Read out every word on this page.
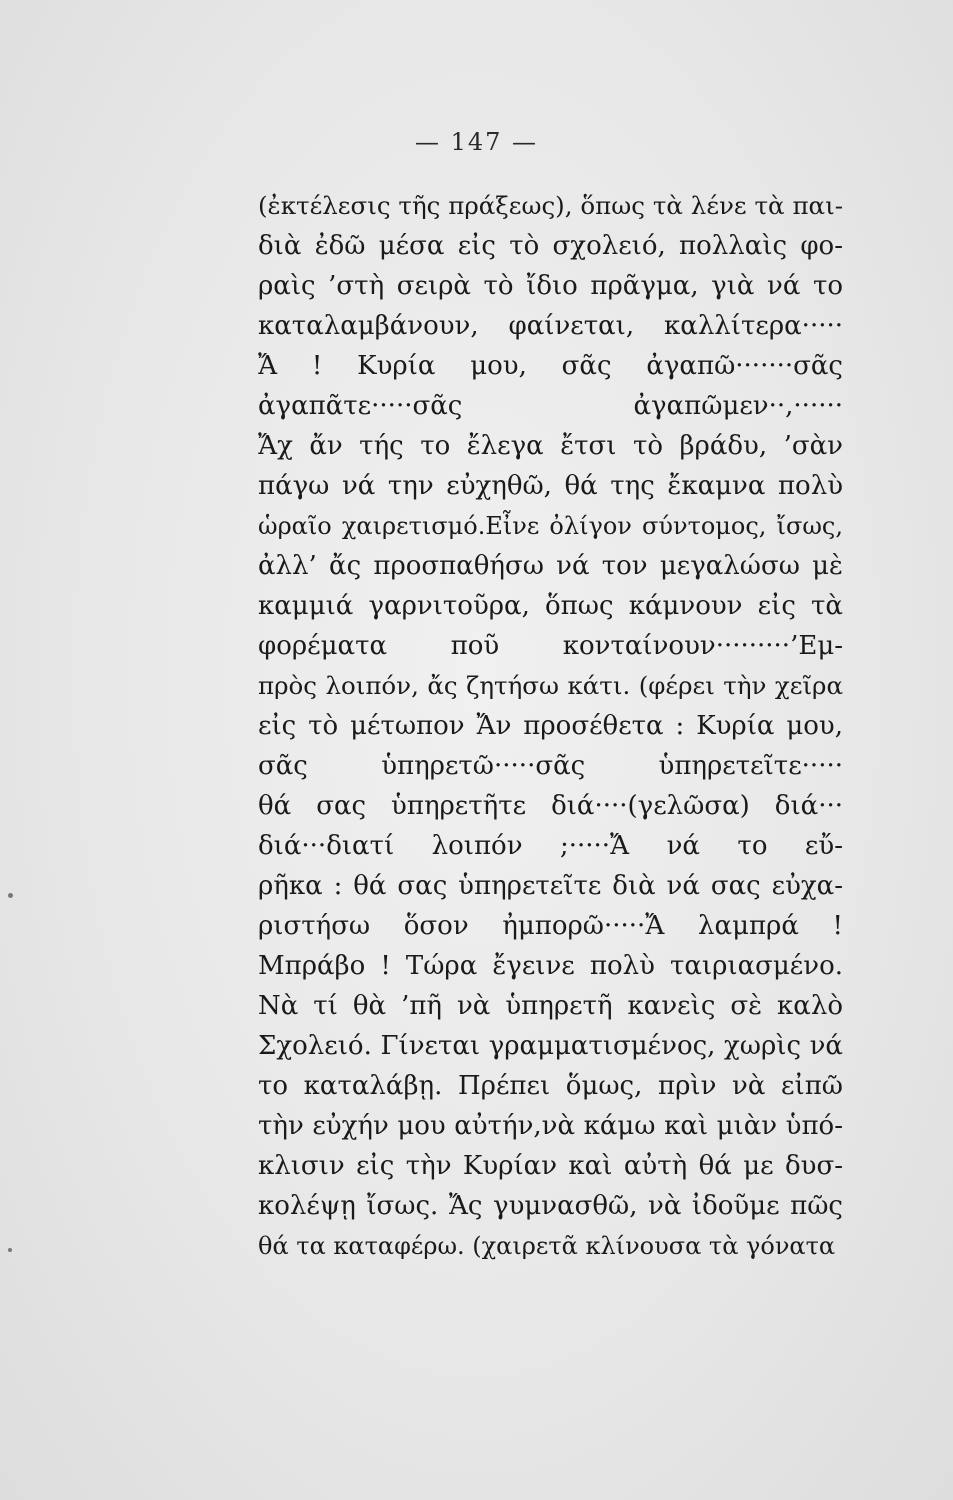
— 147 —
(ἐκτέλεσις τῆς πράξεως), ὅπως τὰ λένε τὰ παι-
διὰ ἐδῶ μέσα εἰς τὸ σχολειό, πολλαὶς φο-
ραὶς ’στὴ σειρὰ τὸ ἴδιο πρᾶγμα, γιὰ νά το
καταλαμβάνουν, φαίνεται, καλλίτερα·····
Ἄ ! Κυρία μου, σᾶς ἀγαπῶ·······σᾶς
ἀγαπᾶτε·····σᾶς ἀγαπῶμεν··,······
Ἄχ ἄν τής το ἔλεγα ἔτσι τὸ βράδυ, ’σὰν
πάγω νά την εὐχηθῶ, θά της ἔκαμνα πολὺ
ὡραῖο χαιρετισμό.Εἶνε ὀλίγον σύντομος, ἴσως,
ἀλλ’ ἄς προσπαθήσω νά τον μεγαλώσω μὲ
καμμιά γαρνιτοῦρα, ὅπως κάμνουν εἰς τὰ
φορέματα ποῦ κονταίνουν·········’Εμ-
πρὸς λοιπόν, ἄς ζητήσω κάτι. (φέρει τὴν χεῖρα
εἰς τὸ μέτωπον Ἄν προσέθετα : Κυρία μου,
σᾶς ὑπηρετῶ·····σᾶς ὑπηρετεῖτε·····
θά σας ὑπηρετῆτε διά····(γελῶσα) διά···
διά···διατί λοιπόν ;·····Ἄ νά το εὔ-
ρῆκα : θά σας ὑπηρετεῖτε διὰ νά σας εὐχα-
ριστήσω ὅσον ἠμπορῶ·····Ἄ λαμπρά !
Μπράβο ! Τώρα ἔγεινε πολὺ ταιριασμένο.
Νὰ τί θὰ ’πῆ νὰ ὑπηρετῆ κανεὶς σὲ καλὸ
Σχολειό. Γίνεται γραμματισμένος, χωρὶς νά
το καταλάβῃ. Πρέπει ὅμως, πρὶν νὰ εἰπῶ
τὴν εὐχήν μου αὐτήν,νὰ κάμω καὶ μιὰν ὑπό-
κλισιν εἰς τὴν Κυρίαν καὶ αὐτὴ θά με δυσ-
κολέψῃ ἴσως. Ἄς γυμνασθῶ, νὰ ἰδοῦμε πῶς
θά τα καταφέρω. (χαιρετᾶ κλίνουσα τὰ γόνατα
